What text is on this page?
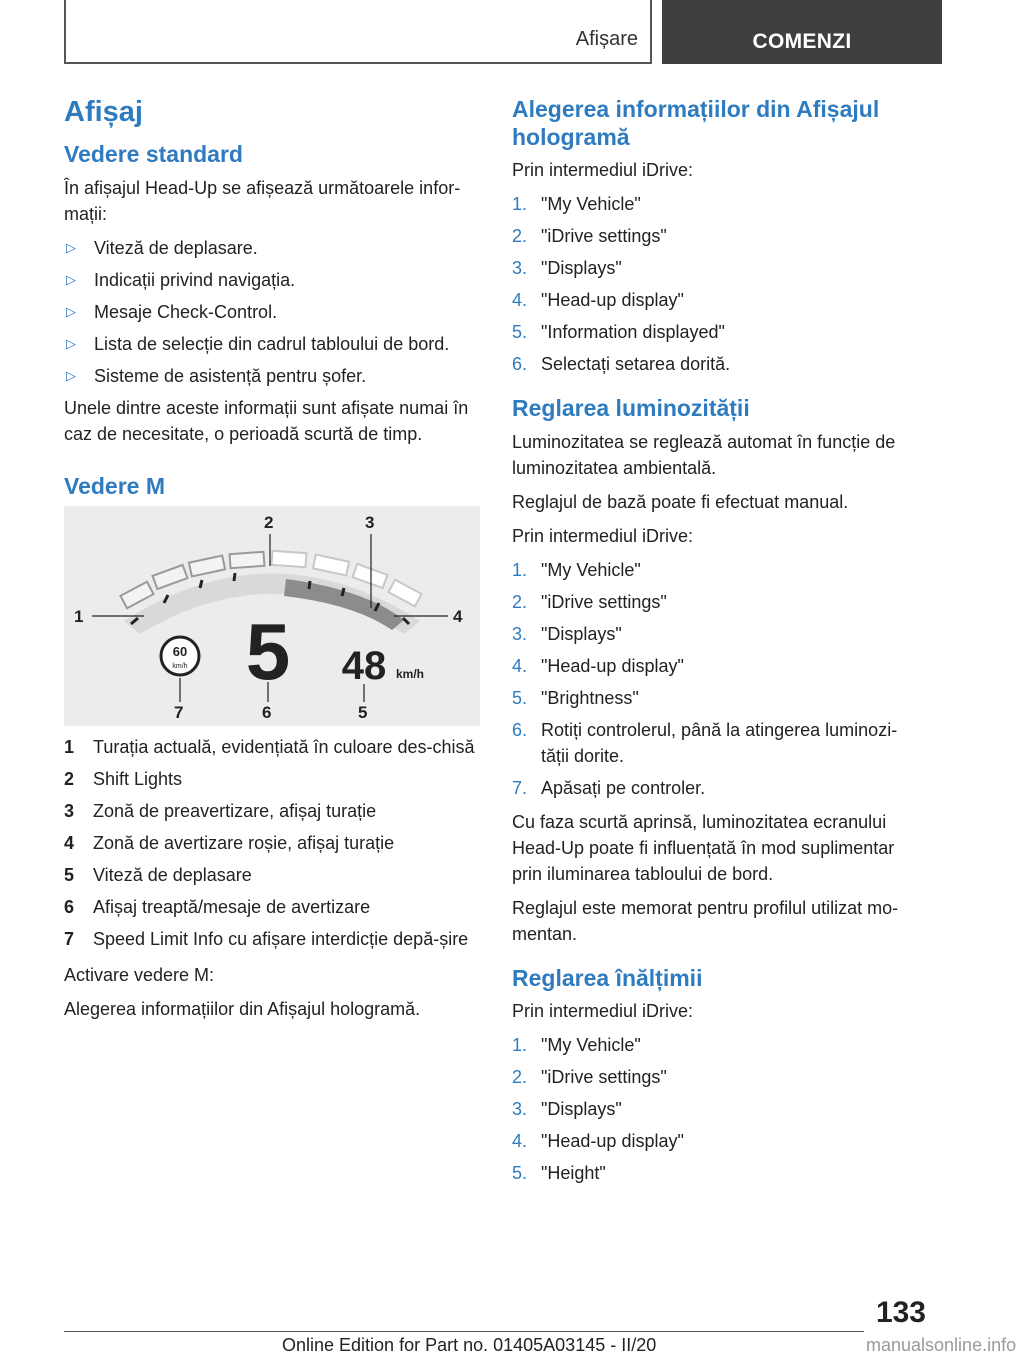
Afișare	COMENZI
Afișaj
Vedere standard

În afișajul Head-Up se afișează următoarele infor-mații:

▷ Viteză de deplasare.
▷ Indicații privind navigația.
▷ Mesaje Check-Control.
▷ Lista de selecție din cadrul tabloului de bord.
▷ Sisteme de asistență pentru șofer.

Unele dintre aceste informații sunt afișate numai în caz de necesitate, o perioadă scurtă de timp.

Vedere M
1
2	3
4
5
6
7
60
km/h 5 48 km/h
1 Turația actuală, evidențiată în culoare des-chisă
2 Shift Lights
3 Zonă de preavertizare, afișaj turație
4 Zonă de avertizare roșie, afișaj turație
5 Viteză de deplasare
6 Afișaj treaptă/mesaje de avertizare
7 Speed Limit Info cu afișare interdicție depă-șire

Activare vedere M:

Alegerea informațiilor din Afișajul hologramă.

Alegerea informațiilor din Afișajul hologramă

Prin intermediul iDrive:

1. "My Vehicle"
2. "iDrive settings"
3. "Displays"
4. "Head-up display"
5. "Information displayed"
6. Selectați setarea dorită.
Reglarea luminozității

Luminozitatea se reglează automat în funcție de luminozitatea ambientală.

Reglajul de bază poate fi efectuat manual.

Prin intermediul iDrive:

1. "My Vehicle"
2. "iDrive settings"
3. "Displays"
4. "Head-up display"
5. "Brightness"
6. Rotiți controlerul, până la atingerea luminozi-tății dorite.
7. Apăsați pe controler.

Cu faza scurtă aprinsă, luminozitatea ecranului Head-Up poate fi influențată în mod suplimentar prin iluminarea tabloului de bord.

Reglajul este memorat pentru profilul utilizat mo-mentan.

Reglarea înălțimii

Prin intermediul iDrive:

1. "My Vehicle"
2. "iDrive settings"
3. "Displays"
4. "Head-up display"
5. "Height"
133
Online Edition for Part no. 01405A03145 - II/20	manualsonline.info
